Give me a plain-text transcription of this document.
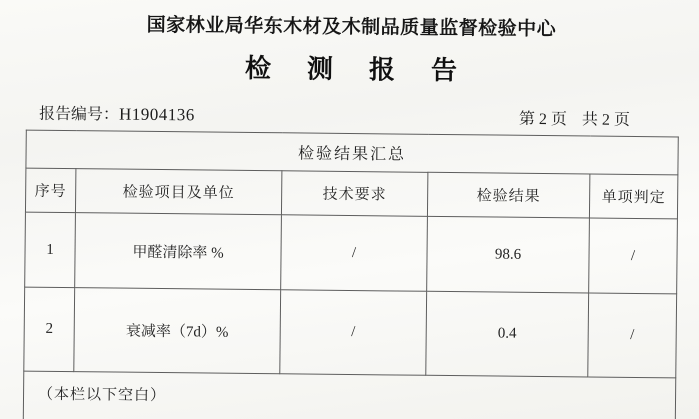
国家林业局华东木材及木制品质量监督检验中心
检测报告
报告编号：H1904136	第 2 页 共 2 页
检验结果汇总				
序号	检验项目及单位	技术要求	检验结果	单项判定
1	甲醛清除率 %	/	98.6	/
2	衰减率（7d）%	/	0.4	/
（本栏以下空白）				
